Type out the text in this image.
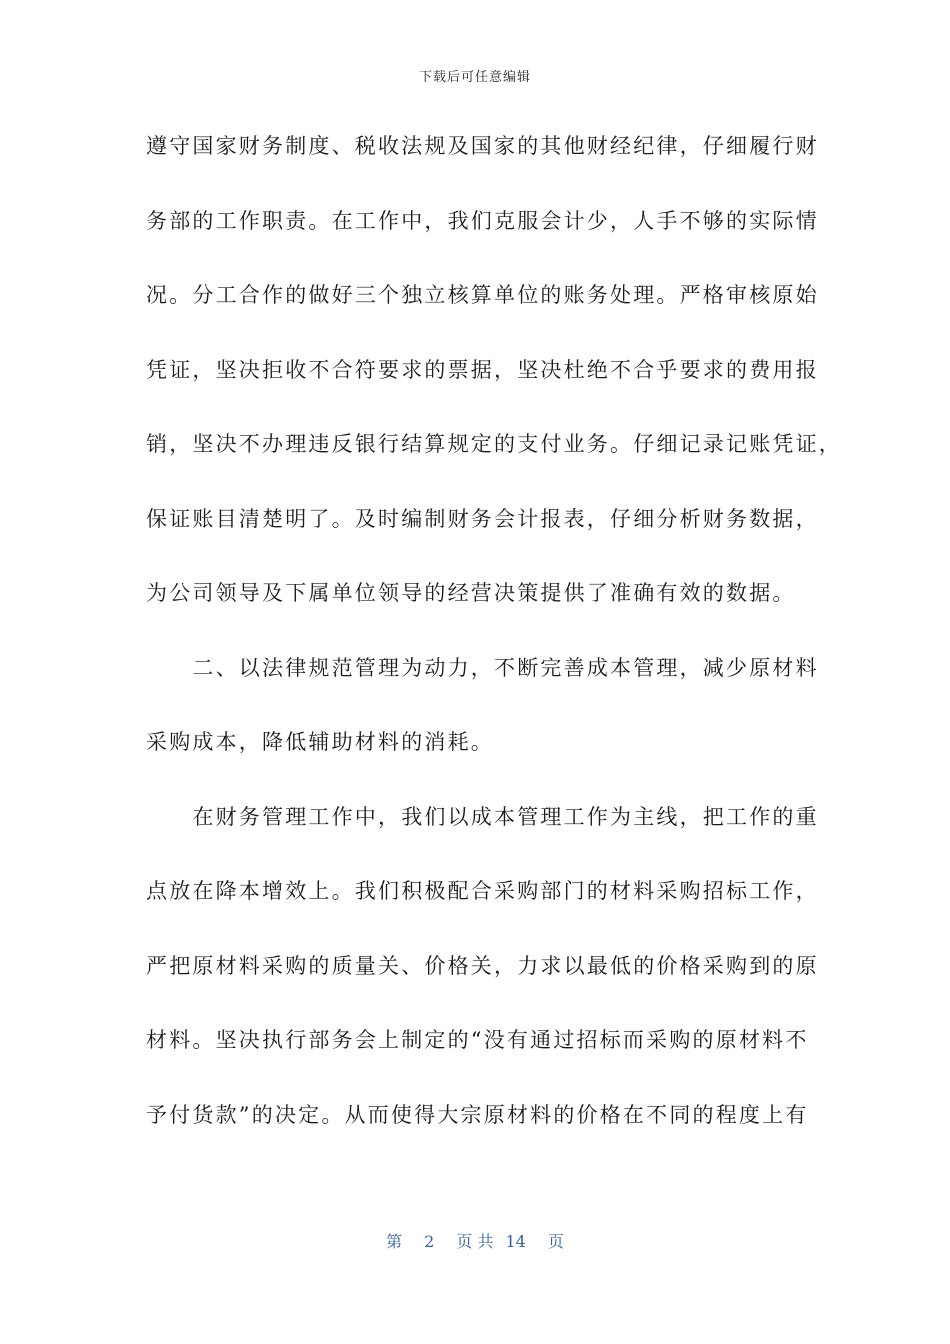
下载后可任意编辑
遵守国家财务制度、税收法规及国家的其他财经纪律，仔细履行财
务部的工作职责。在工作中，我们克服会计少，人手不够的实际情
况。分工合作的做好三个独立核算单位的账务处理。严格审核原始
凭证，坚决拒收不合符要求的票据，坚决杜绝不合乎要求的费用报
销，坚决不办理违反银行结算规定的支付业务。仔细记录记账凭证，
保证账目清楚明了。及时编制财务会计报表，仔细分析财务数据，
为公司领导及下属单位领导的经营决策提供了准确有效的数据。
　　二、以法律规范管理为动力，不断完善成本管理，减少原材料
采购成本，降低辅助材料的消耗。
　　在财务管理工作中，我们以成本管理工作为主线，把工作的重
点放在降本增效上。我们积极配合采购部门的材料采购招标工作，
严把原材料采购的质量关、价格关，力求以最低的价格采购到的原
材料。坚决执行部务会上制定的“没有通过招标而采购的原材料不
予付货款”的决定。从而使得大宗原材料的价格在不同的程度上有
第 2 页 共 14 页
